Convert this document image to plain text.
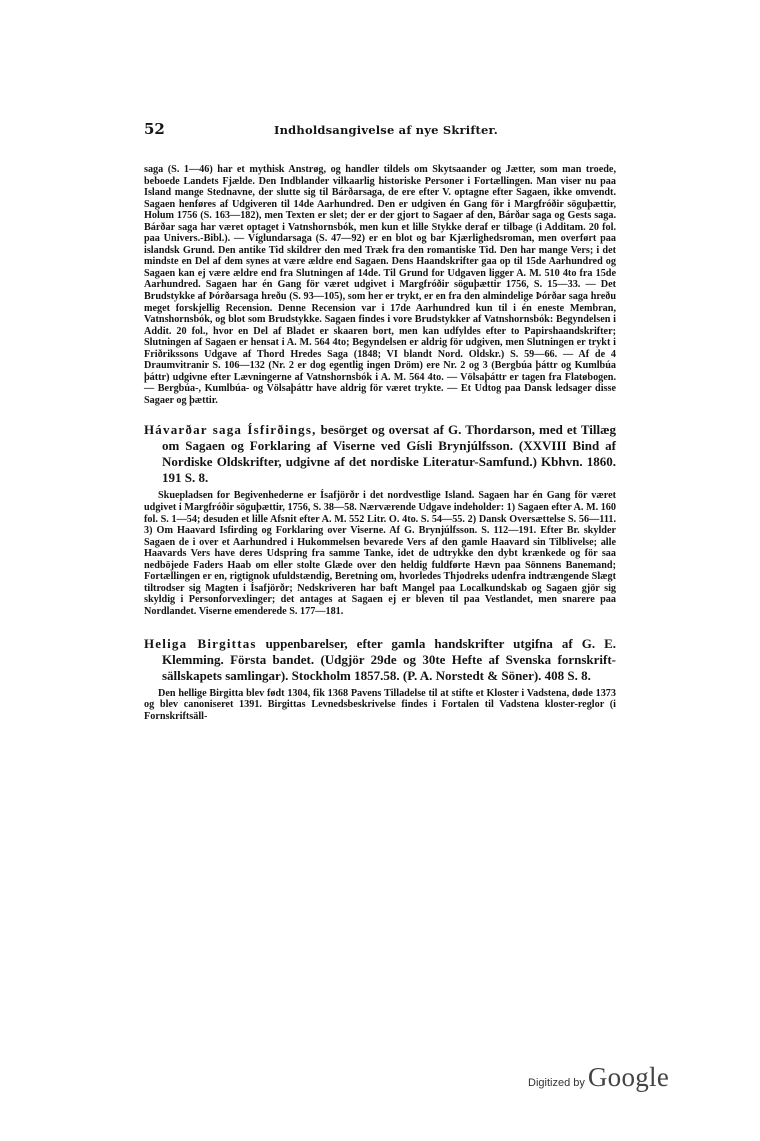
52	Indholdsangivelse af nye Skrifter.

saga (S. 1—46) har et mythisk Anstrøg, og handler tildels om Skytsaander og Jætter, som man troede, beboede Landets Fjælde. Den Indblander vilkaarlig historiske Personer i Fortællingen. Man viser nu paa Island mange Stednavne, der slutte sig til Bárðarsaga, de ere efter V. optagne efter Sagaen, ikke omvendt. Sagaen henføres af Udgiveren til 14de Aarhundred. Den er udgiven én Gang för i Margfróðir söguþættir, Holum 1756 (S. 163—182), men Texten er slet; der er der gjort to Sagaer af den, Bárðar saga og Gests saga. Bárðar saga har været optaget i Vatnshornsbók, men kun et lille Stykke deraf er tilbage (i Additam. 20 fol. paa Univers.-Bibl.). — Víglundarsaga (S. 47—92) er en blot og bar Kjærlighedsroman, men overført paa islandsk Grund. Den antike Tid skildrer den med Træk fra den romantiske Tid. Den har mange Vers; i det mindste en Del af dem synes at være ældre end Sagaen. Dens Haandskrifter gaa op til 15de Aarhundred og Sagaen kan ej være ældre end fra Slutningen af 14de. Til Grund for Udgaven ligger A. M. 510 4to fra 15de Aarhundred. Sagaen har én Gang för været udgivet i Margfróðir söguþættir 1756, S. 15—33. — Det Brudstykke af Þórðarsaga hreðu (S. 93—105), som her er trykt, er en fra den almindelige Þórðar saga hreðu meget forskjellig Recension. Denne Recension var i 17de Aarhundred kun til i én eneste Membran, Vatnshornsbók, og blot som Brudstykke. Sagaen findes i vore Brudstykker af Vatnshornsbók: Begyndelsen i Addit. 20 fol., hvor en Del af Bladet er skaaren bort, men kan udfyldes efter to Papirshaandskrifter; Slutningen af Sagaen er hensat i A. M. 564 4to; Begyndelsen er aldrig för udgiven, men Slutningen er trykt i Friðrikssons Udgave af Thord Hredes Saga (1848; VI blandt Nord. Oldskr.) S. 59—66. — Af de 4 Draumvitranir S. 106—132 (Nr. 2 er dog egentlig ingen Dröm) ere Nr. 2 og 3 (Bergbúa þáttr og Kumlbúa þáttr) udgivne efter Lævningerne af Vatnshornsbók i A. M. 564 4to. — Völsaþáttr er tagen fra Flatøbogen. — Bergbúa-, Kumlbúa- og Völsaþáttr have aldrig för været trykte. — Et Udtog paa Dansk ledsager disse Sagaer og þættir.

Hávarðar saga Ísfirðings, besörget og oversat af G. Thordarson, med et Tillæg om Sagaen og Forklaring af Viserne ved Gísli Brynjúlfsson. (XXVIII Bind af Nordiske Oldskrifter, udgivne af det nordiske Literatur-Samfund.) Kbhvn. 1860. 191 S. 8.

Skuepladsen for Begivenhederne er Ísafjörðr i det nordvestlige Island. Sagaen har én Gang för været udgivet i Margfróðir söguþættir, 1756, S. 38—58. Nærværende Udgave indeholder: 1) Sagaen efter A. M. 160 fol. S. 1—54; desuden et lille Afsnit efter A. M. 552 Litr. O. 4to. S. 54—55. 2) Dansk Oversættelse S. 56—111. 3) Om Haavard Isfirding og Forklaring over Viserne. Af G. Brynjúlfsson. S. 112—191. Efter Br. skylder Sagaen de i over et Aarhundred i Hukommelsen bevarede Vers af den gamle Haavard sin Tilblivelse; alle Haavards Vers have deres Udspring fra samme Tanke, idet de udtrykke den dybt krænkede og för saa nedböjede Faders Haab om eller stolte Glæde over den heldig fuldførte Hævn paa Sönnens Banemand; Fortællingen er en, rigtignok ufuldstændig, Beretning om, hvorledes Thjodreks udenfra indtrængende Slægt tiltrodser sig Magten i Ísafjörðr; Nedskriveren har baft Mangel paa Localkundskab og Sagaen gjör sig skyldig i Personforvexlinger; det antages at Sagaen ej er bleven til paa Vestlandet, men snarere paa Nordlandet. Viserne emenderede S. 177—181.

Heliga Birgittas uppenbarelser, efter gamla handskrifter utgifna af G. E. Klemming. Första bandet. (Udgjör 29de og 30te Hefte af Svenska fornskrift-sällskapets samlingar). Stockholm 1857.58. (P. A. Norstedt & Söner). 408 S. 8.

Den hellige Birgitta blev født 1304, fik 1368 Pavens Tilladelse til at stifte et Kloster i Vadstena, døde 1373 og blev canoniseret 1391. Birgittas Levnedsbeskrivelse findes i Fortalen til Vadstena kloster-reglor (i Fornskriftsäll-

Digitized by Google
